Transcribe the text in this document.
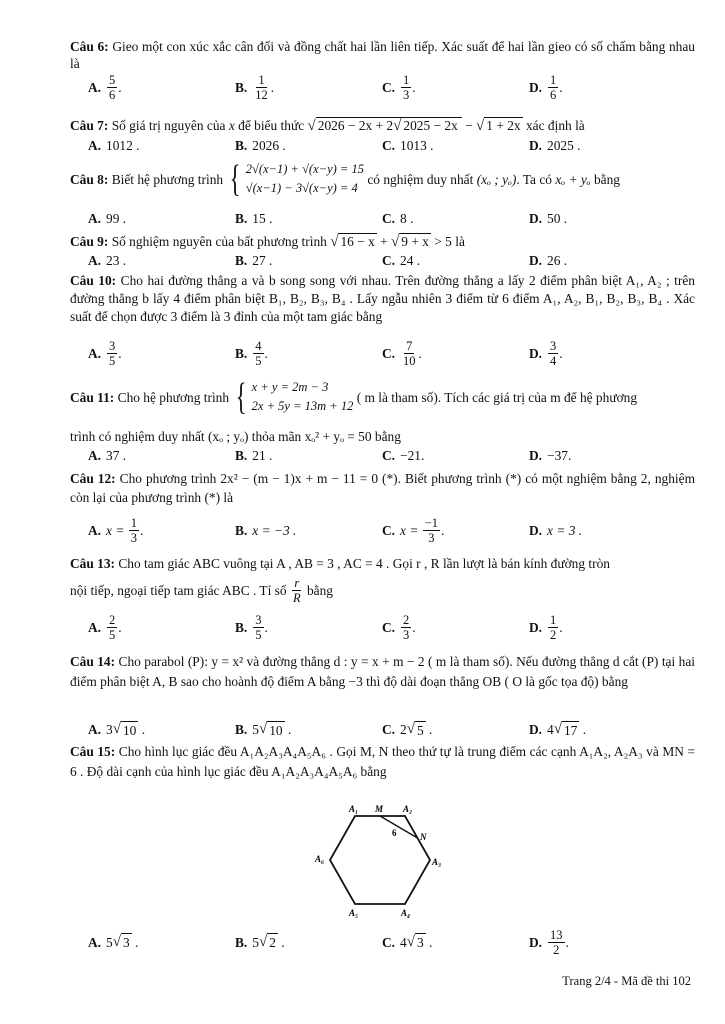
Câu 6: Gieo một con xúc xắc cân đối và đồng chất hai lần liên tiếp. Xác suất để hai lần gieo có số chấm bằng nhau là
A. $\frac{5}{6}$ .	B. $\frac{1}{12}$ .	C. $\frac{1}{3}$ .	D. $\frac{1}{6}$ .
Câu 7: Số giá trị nguyên của x để biểu thức √ 2026 − 2x + 2√ 2025 − 2x − √ 1 + 2x xác định là
A. 1012 .	B. 2026 .	C. 1013 .	D. 2025 .
Câu 8:
Biết hệ phương trình
{ 2√(x−1) + √(x−y) = 15
√(x−1) − 3√(x−y) = 4

có nghiệm duy nhất
(xₒ ; yₒ) . Ta có
xₒ + yₒ
bằng
A. 99 .	B. 15 .	C. 8 .	D. 50 .
Câu 9: Số nghiệm nguyên của bất phương trình √ 16 − x + √ 9 + x > 5 là
A. 23 .	B. 27 .	C. 24 .	D. 26 .
Câu 10: Cho hai đường thẳng a và b song song với nhau. Trên đường thẳng a lấy 2 điểm phân biệt A₁, A₂ ; trên đường thẳng b lấy 4 điểm phân biệt B₁, B₂, B₃, B₄ . Lấy ngẫu nhiên 3 điểm từ 6 điểm A₁, A₂, B₁, B₂, B₃, B₄ . Xác suất để chọn được 3 điểm là 3 đỉnh của một tam giác bằng
A. $\frac{3}{5}$ .	B. $\frac{4}{5}$ .	C. $\frac{7}{10}$ .	D. $\frac{3}{4}$ .
Câu 11:
Cho hệ phương trình
{ x + y = 2m − 3
2x + 5y = 13m + 12

( m là tham số). Tích các giá trị của m để hệ phương
trình có nghiệm duy nhất (xₒ ; yₒ) thỏa mãn xₒ² + yₒ = 50 bằng
A. 37 .	B. 21 .	C. −21.	D. −37.
Câu 12: Cho phương trình 2x² − (m − 1)x + m − 11 = 0 (*). Biết phương trình (*) có một nghiệm bằng 2, nghiệm còn lại của phương trình (*) là
A. x =
$\frac{1}{3}$ .	B. x = −3 .	C. x =
$\frac{-1}{3}$ .	D. x = 3 .
Câu 13: Cho tam giác ABC vuông tại A , AB = 3 , AC = 4 . Gọi r , R lần lượt là bán kính đường tròn
nội tiếp, ngoại tiếp tam giác ABC . Tỉ số
$\frac{r}{R}$
bằng
A. $\frac{2}{5}$ .	B. $\frac{3}{5}$ .	C. $\frac{2}{3}$ .	D. $\frac{1}{2}$ .
Câu 14: Cho parabol (P): y = x² và đường thẳng d : y = x + m − 2 ( m là tham số). Nếu đường thẳng d cắt (P) tại hai điểm phân biệt A, B sao cho hoành độ điểm A bằng −3 thì độ dài đoạn thẳng OB ( O là gốc tọa độ) bằng
A. 3 √ 10
.	B. 5 √ 10
.	C. 2 √ 5
.	D. 4 √ 17
.
Câu 15: Cho hình lục giác đều A₁A₂A₃A₄A₅A₆ . Gọi M, N theo thứ tự là trung điểm các cạnh A₁A₂, A₂A₃ và MN = 6 . Độ dài cạnh của hình lục giác đều A₁A₂A₃A₄A₅A₆ bằng
A₁ M A₂
6	N
A₃
A₄
A₅
A₆
A. 5 √ 3
.	B. 5 √ 2
.	C. 4 √ 3
.	D. $\frac{13}{2}$ .
Trang 2/4 - Mã đề thi 102
